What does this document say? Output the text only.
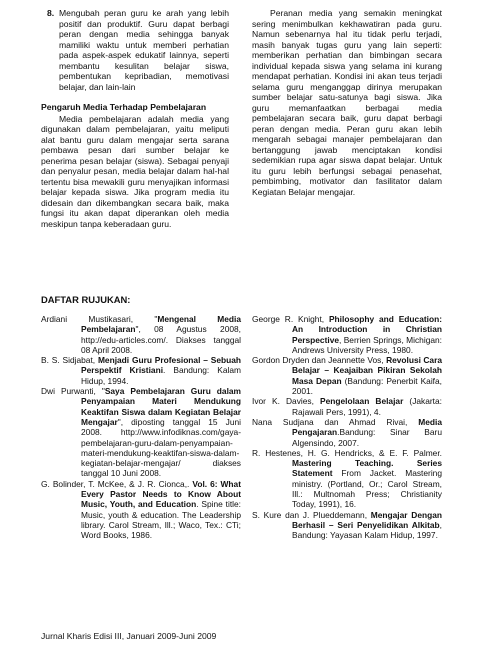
8. Mengubah peran guru ke arah yang lebih positif dan produktif. Guru dapat berbagi peran dengan media sehingga banyak mamiliki waktu untuk memberi perhatian pada aspek-aspek edukatif lainnya, seperti membantu kesulitan belajar siswa, pembentukan kepribadian, memotivasi belajar, dan lain-lain

Pengaruh Media Terhadap Pembelajaran

Media pembelajaran adalah media yang digunakan dalam pembelajaran, yaitu meliputi alat bantu guru dalam mengajar serta sarana pembawa pesan dari sumber belajar ke penerima pesan belajar (siswa). Sebagai penyaji dan penyalur pesan, media belajar dalam hal-hal tertentu bisa mewakili guru menyajikan informasi belajar kepada siswa. Jika program media itu didesain dan dikembangkan secara baik, maka fungsi itu akan dapat diperankan oleh media meskipun tanpa keberadaan guru.

Peranan media yang semakin meningkat sering menimbulkan kekhawatiran pada guru. Namun sebenarnya hal itu tidak perlu terjadi, masih banyak tugas guru yang lain seperti: memberikan perhatian dan bimbingan secara individual kepada siswa yang selama ini kurang mendapat perhatian. Kondisi ini akan teus terjadi selama guru menganggap dirinya merupakan sumber belajar satu-satunya bagi siswa. Jika guru memanfaatkan berbagai media pembelajaran secara baik, guru dapat berbagi peran dengan media. Peran guru akan lebih mengarah sebagai manajer pembelajaran dan bertanggung jawab menciptakan kondisi sedemikian rupa agar siswa dapat belajar. Untuk itu guru lebih berfungsi sebagai penasehat, pembimbing, motivator dan fasilitator dalam Kegiatan Belajar mengajar.

DAFTAR RUJUKAN:

Ardiani Mustikasari, "Mengenal Media Pembelajaran", 08 Agustus 2008, http://edu-articles.com/. Diakses tanggal 08 April 2008.

B. S. Sidjabat, Menjadi Guru Profesional – Sebuah Perspektif Kristiani. Bandung: Kalam Hidup, 1994.

Dwi Purwanti, "Saya Pembelajaran Guru dalam Penyampaian Materi Mendukung Keaktifan Siswa dalam Kegiatan Belajar Mengajar", diposting tanggal 15 Juni 2008. http://www.infodiknas.com/gaya-pembelajaran-guru-dalam-penyampaian-materi-mendukung-keaktifan-siswa-dalam-kegiatan-belajar-mengajar/ diakses tanggal 10 Juni 2008.

G. Bolinder, T. McKee, & J. R. Cionca,. Vol. 6: What Every Pastor Needs to Know About Music, Youth, and Education. Spine title: Music, youth & education. The Leadership library. Carol Stream, Ill.; Waco, Tex.: CTi; Word Books, 1986.

George R. Knight, Philosophy and Education: An Introduction in Christian Perspective, Berrien Springs, Michigan: Andrews University Press, 1980.

Gordon Dryden dan Jeannette Vos, Revolusi Cara Belajar – Keajaiban Pikiran Sekolah Masa Depan (Bandung: Penerbit Kaifa, 2001.

Ivor K. Davies, Pengelolaan Belajar (Jakarta: Rajawali Pers, 1991), 4.

Nana Sudjana dan Ahmad Rivai, Media Pengajaran.Bandung: Sinar Baru Algensindo, 2007.

R. Hestenes, H. G. Hendricks, & E. F. Palmer. Mastering Teaching. Series Statement From Jacket. Mastering ministry. (Portland, Or.; Carol Stream, Ill.: Multnomah Press; Christianity Today, 1991), 16.

S. Kure dan J. Plueddemann, Mengajar Dengan Berhasil – Seri Penyelidikan Alkitab, Bandung: Yayasan Kalam Hidup, 1997.

Jurnal Kharis Edisi III, Januari 2009-Juni 2009
